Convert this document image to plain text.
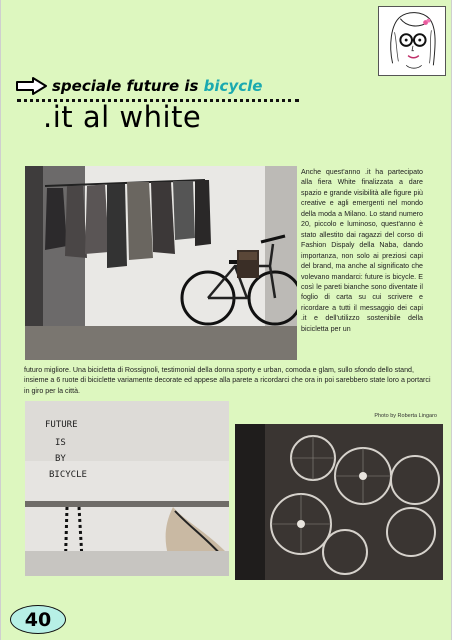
speciale future is bicycle
.it al white
Anche quest'anno .it ha partecipato alla fiera White finalizzata a dare spazio e grande visibilità alle figure più creative e agli emergenti nel mondo della moda a Milano. Lo stand numero 20, piccolo e luminoso, quest'anno è stato allestito dai ragazzi del corso di Fashion Dispaly della Naba, dando importanza, non solo ai preziosi capi del brand, ma anche al significato che volevano mandarci: future is bicycle. E così le pareti bianche sono diventate il foglio di carta su cui scrivere e ricordare a tutti il messaggio dei capi .it e dell'utilizzo sostenibile della bicicletta per un
futuro migliore. Una bicicletta di Rossignoli, testimonial della donna sporty e urban, comoda e glam, sullo sfondo dello stand, insieme a 6 ruote di biciclette variamente decorate ed appese alla parete a ricordarci che ora in poi sarebbero state loro a portarci in giro per la città.
Photo by Roberta Lingaro
FUTURE
IS
BY
BICYCLE
40
